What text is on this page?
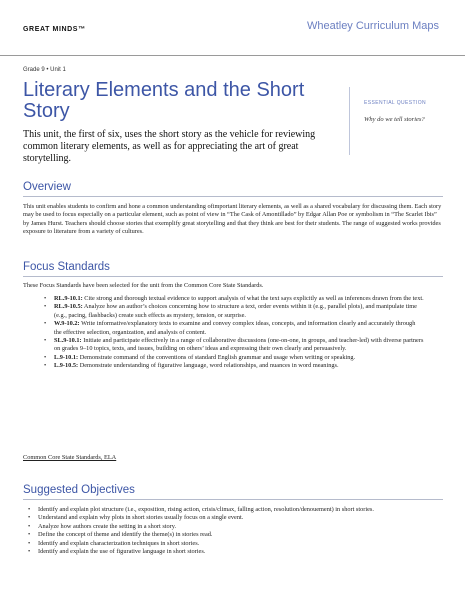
GREAT MINDS™	Wheatley Curriculum Maps
Grade 9 • Unit 1
Literary Elements and the Short Story
This unit, the first of six, uses the short story as the vehicle for reviewing common literary elements, as well as for appreciating the art of great storytelling.
ESSENTIAL QUESTION
Why do we tell stories?
Overview
This unit enables students to confirm and hone a common understanding ofimportant literary elements, as well as a shared vocabulary for discussing them. Each story may be used to focus especially on a particular element, such as point of view in “The Cask of Amontillado” by Edgar Allan Poe or symbolism in “The Scarlet Ibis” by James Hurst. Teachers should choose stories that exemplify great storytelling and that they think are best for their students. The range of suggested works provides exposure to literature from a variety of cultures.
Focus Standards
These Focus Standards have been selected for the unit from the Common Core State Standards.
• RL.9-10.1: Cite strong and thorough textual evidence to support analysis of what the text says explicitly as well as inferences drawn from the text.
• RL.9-10.5: Analyze how an author’s choices concerning how to structure a text, order events within it (e.g., parallel plots), and manipulate time (e.g., pacing, flashbacks) create such effects as mystery, tension, or surprise.
• W.9-10.2: Write informative/explanatory texts to examine and convey complex ideas, concepts, and information clearly and accurately through the effective selection, organization, and analysis of content.
• SL.9-10.1: Initiate and participate effectively in a range of collaborative discussions (one-on-one, in groups, and teacher-led) with diverse partners on grades 9–10 topics, texts, and issues, building on others’ ideas and expressing their own clearly and persuasively.
• L.9-10.1: Demonstrate command of the conventions of standard English grammar and usage when writing or speaking.
• L.9-10.5: Demonstrate understanding of figurative language, word relationships, and nuances in word meanings.
Common Core State Standards, ELA
Suggested Objectives
• Identify and explain plot structure (i.e., exposition, rising action, crisis/climax, falling action, resolution/denouement) in short stories.
• Understand and explain why plots in short stories usually focus on a single event.
• Analyze how authors create the setting in a short story.
• Define the concept of theme and identify the theme(s) in stories read.
• Identify and explain characterization techniques in short stories.
• Identify and explain the use of figurative language in short stories.
